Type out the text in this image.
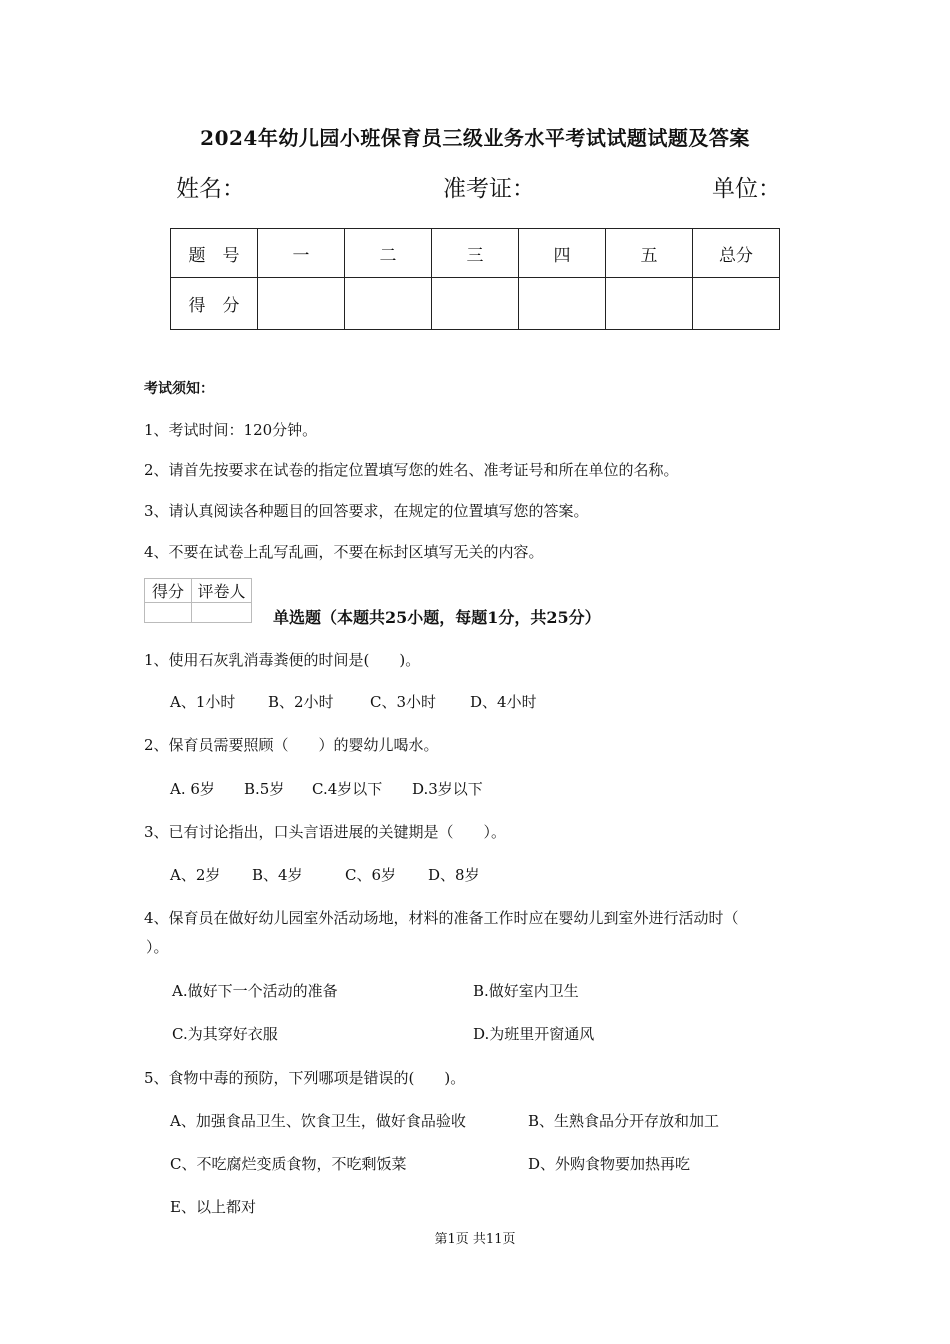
2024年幼儿园小班保育员三级业务水平考试试题试题及答案
姓名：	准考证：	单位：
题　号	一	二	三	四	五	总分
得　分						
考试须知：
1、考试时间：120分钟。
2、请首先按要求在试卷的指定位置填写您的姓名、准考证号和所在单位的名称。
3、请认真阅读各种题目的回答要求，在规定的位置填写您的答案。
4、不要在试卷上乱写乱画，不要在标封区填写无关的内容。
得分	评卷人

单选题（本题共25小题，每题1分，共25分）
1、使用石灰乳消毒粪便的时间是(　　)。
A、1小时 B、2小时 C、3小时 D、4小时
2、保育员需要照顾（　　）的婴幼儿喝水。
A. 6岁 B.5岁 C.4岁以下 D.3岁以下
3、已有讨论指出，口头言语进展的关键期是（　　）。
A、2岁 B、4岁	C、6岁 D、8岁
4、保育员在做好幼儿园室外活动场地，材料的准备工作时应在婴幼儿到室外进行活动时（
）。
A.做好下一个活动的准备	B.做好室内卫生
C.为其穿好衣服	D.为班里开窗通风
5、食物中毒的预防，下列哪项是错误的(　　)。
A、加强食品卫生、饮食卫生，做好食品验收	B、生熟食品分开存放和加工
C、不吃腐烂变质食物，不吃剩饭菜	D、外购食物要加热再吃
E、以上都对
第1页 共11页
